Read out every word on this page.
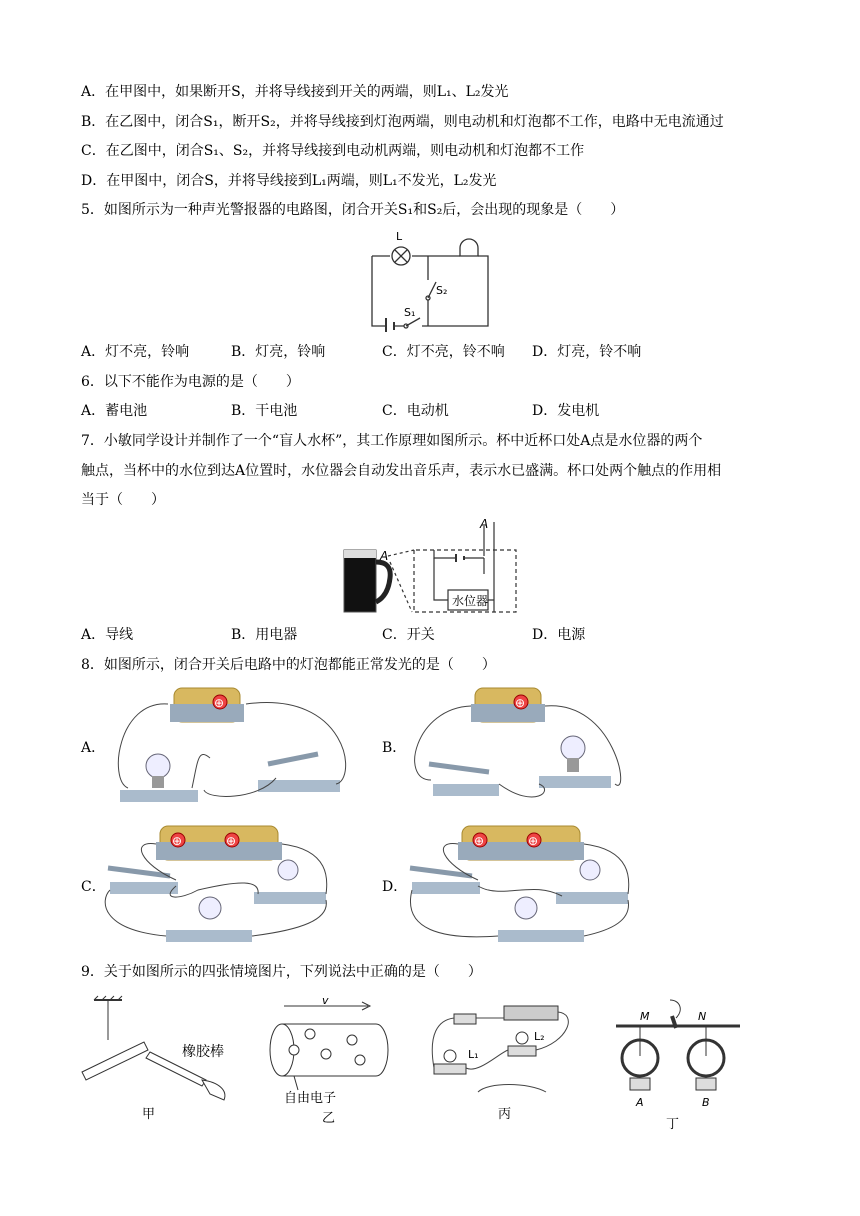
A．在甲图中，如果断开S，并将导线接到开关的两端，则L₁、L₂发光
B．在乙图中，闭合S₁，断开S₂，并将导线接到灯泡两端，则电动机和灯泡都不工作，电路中无电流通过
C．在乙图中，闭合S₁、S₂，并将导线接到电动机两端，则电动机和灯泡都不工作
D．在甲图中，闭合S，并将导线接到L₁两端，则L₁不发光，L₂发光
5．如图所示为一种声光警报器的电路图，闭合开关S₁和S₂后，会出现的现象是（　　）
L
S₂
S₁
A．灯不亮，铃响	B．灯亮，铃响	C．灯不亮，铃不响 D．灯亮，铃不响
6．以下不能作为电源的是（　　）
A．蓄电池	B．干电池	C．电动机	D．发电机
7．小敏同学设计并制作了一个“盲人水杯”，其工作原理如图所示。杯中近杯口处A点是水位器的两个
触点，当杯中的水位到达A位置时，水位器会自动发出音乐声，表示水已盛满。杯口处两个触点的作用相
当于（　　）
A
A
水位器
A．导线	B．用电器	C．开关	D．电源
8．如图所示，闭合开关后电路中的灯泡都能正常发光的是（　　）
A．
⊕
B．
⊕
C．
⊕	⊕
D．
⊕	⊕
9．关于如图所示的四张情境图片，下列说法中正确的是（　　）
橡胶棒
甲
v
自由电子
乙
L₁
L₂
丙
M	N
A	B
丁
